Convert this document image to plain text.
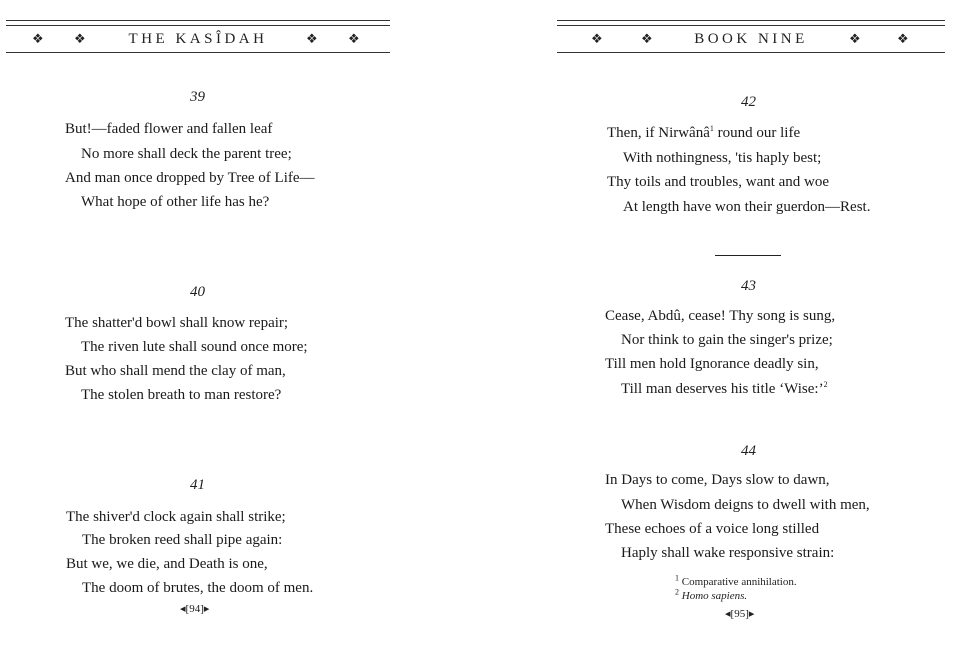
❖ ❖	THE KASÎDAH	❖ ❖
39
But!—faded flower and fallen leaf
No more shall deck the parent tree;
And man once dropped by Tree of Life—
What hope of other life has he?
40
The shatter'd bowl shall know repair;
The riven lute shall sound once more;
But who shall mend the clay of man,
The stolen breath to man restore?
41
The shiver'd clock again shall strike;
The broken reed shall pipe again:
But we, we die, and Death is one,
The doom of brutes, the doom of men.
◂[94]▸
❖	❖	BOOK NINE	❖	❖
42
Then, if Nirwânâ$^1$ round our life
With nothingness, 'tis haply best;
Thy toils and troubles, want and woe
At length have won their guerdon—Rest.
43
Cease, Abdû, cease! Thy song is sung,
Nor think to gain the singer's prize;
Till men hold Ignorance deadly sin,
Till man deserves his title ‘Wise:’$^2$
44
In Days to come, Days slow to dawn,
When Wisdom deigns to dwell with men,
These echoes of a voice long stilled
Haply shall wake responsive strain:
$^1$ Comparative annihilation.
$^2$ Homo sapiens.
◂[95]▸
